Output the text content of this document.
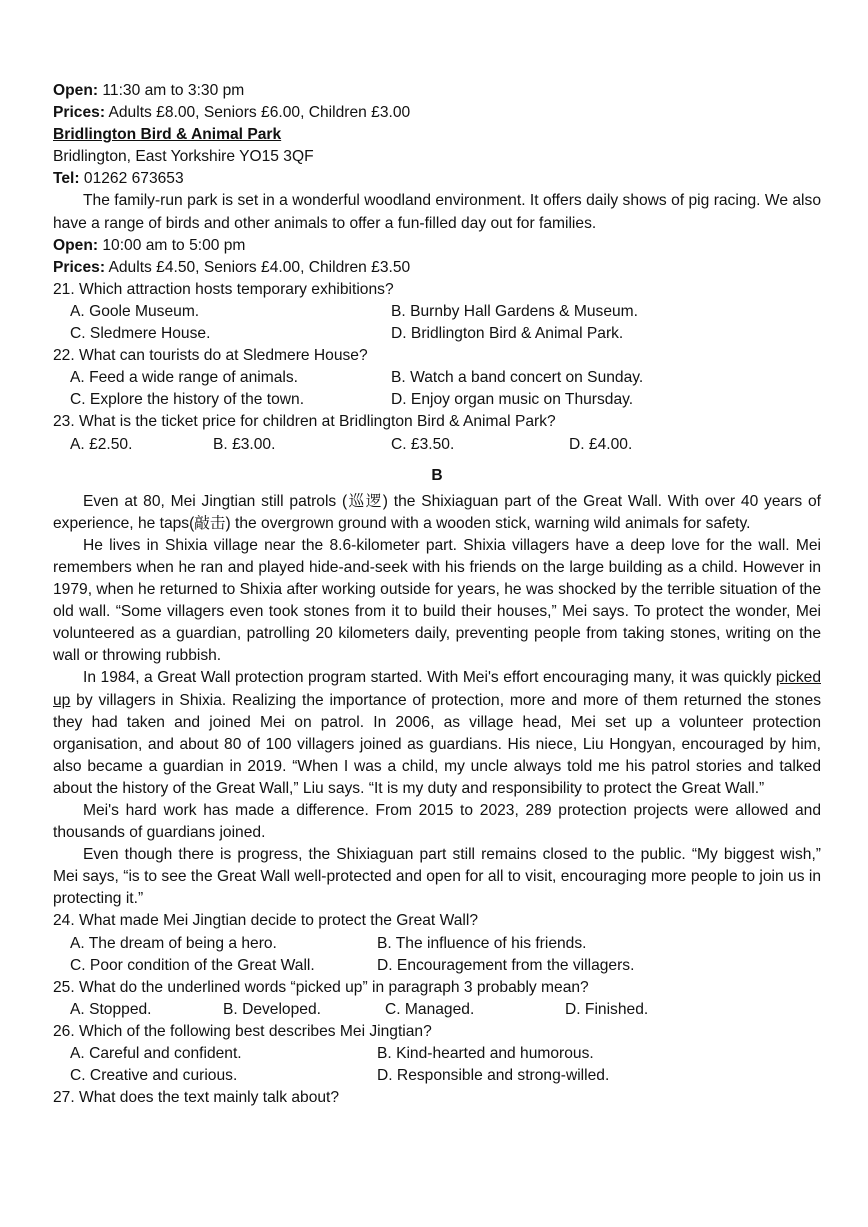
Open: 11:30 am to 3:30 pm
Prices: Adults £8.00, Seniors £6.00, Children £3.00
Bridlington Bird & Animal Park
Bridlington, East Yorkshire YO15 3QF
Tel: 01262 673653
The family-run park is set in a wonderful woodland environment. It offers daily shows of pig racing. We also have a range of birds and other animals to offer a fun-filled day out for families.
Open: 10:00 am to 5:00 pm
Prices: Adults £4.50, Seniors £4.00, Children £3.50
21. Which attraction hosts temporary exhibitions?
A. Goole Museum.	B. Burnby Hall Gardens & Museum.
C. Sledmere House.	D. Bridlington Bird & Animal Park.
22. What can tourists do at Sledmere House?
A. Feed a wide range of animals.	B. Watch a band concert on Sunday.
C. Explore the history of the town.	D. Enjoy organ music on Thursday.
23. What is the ticket price for children at Bridlington Bird & Animal Park?
A. £2.50.	B. £3.00.	C. £3.50.	D. £4.00.
B
Even at 80, Mei Jingtian still patrols (巡逻) the Shixiaguan part of the Great Wall. With over 40 years of experience, he taps(敲击) the overgrown ground with a wooden stick, warning wild animals for safety.
He lives in Shixia village near the 8.6-kilometer part. Shixia villagers have a deep love for the wall. Mei remembers when he ran and played hide-and-seek with his friends on the large building as a child. However in 1979, when he returned to Shixia after working outside for years, he was shocked by the terrible situation of the old wall. “Some villagers even took stones from it to build their houses,” Mei says. To protect the wonder, Mei volunteered as a guardian, patrolling 20 kilometers daily, preventing people from taking stones, writing on the wall or throwing rubbish.
In 1984, a Great Wall protection program started. With Mei's effort encouraging many, it was quickly picked up by villagers in Shixia. Realizing the importance of protection, more and more of them returned the stones they had taken and joined Mei on patrol. In 2006, as village head, Mei set up a volunteer protection organisation, and about 80 of 100 villagers joined as guardians. His niece, Liu Hongyan, encouraged by him, also became a guardian in 2019. “When I was a child, my uncle always told me his patrol stories and talked about the history of the Great Wall,” Liu says. “It is my duty and responsibility to protect the Great Wall.”
Mei's hard work has made a difference. From 2015 to 2023, 289 protection projects were allowed and thousands of guardians joined.
Even though there is progress, the Shixiaguan part still remains closed to the public. “My biggest wish,” Mei says, “is to see the Great Wall well-protected and open for all to visit, encouraging more people to join us in protecting it.”
24. What made Mei Jingtian decide to protect the Great Wall?
A. The dream of being a hero.	B. The influence of his friends.
C. Poor condition of the Great Wall.	D. Encouragement from the villagers.
25. What do the underlined words “picked up” in paragraph 3 probably mean?
A. Stopped.	B. Developed.	C. Managed.	D. Finished.
26. Which of the following best describes Mei Jingtian?
A. Careful and confident.	B. Kind-hearted and humorous.
C. Creative and curious.	D. Responsible and strong-willed.
27. What does the text mainly talk about?
